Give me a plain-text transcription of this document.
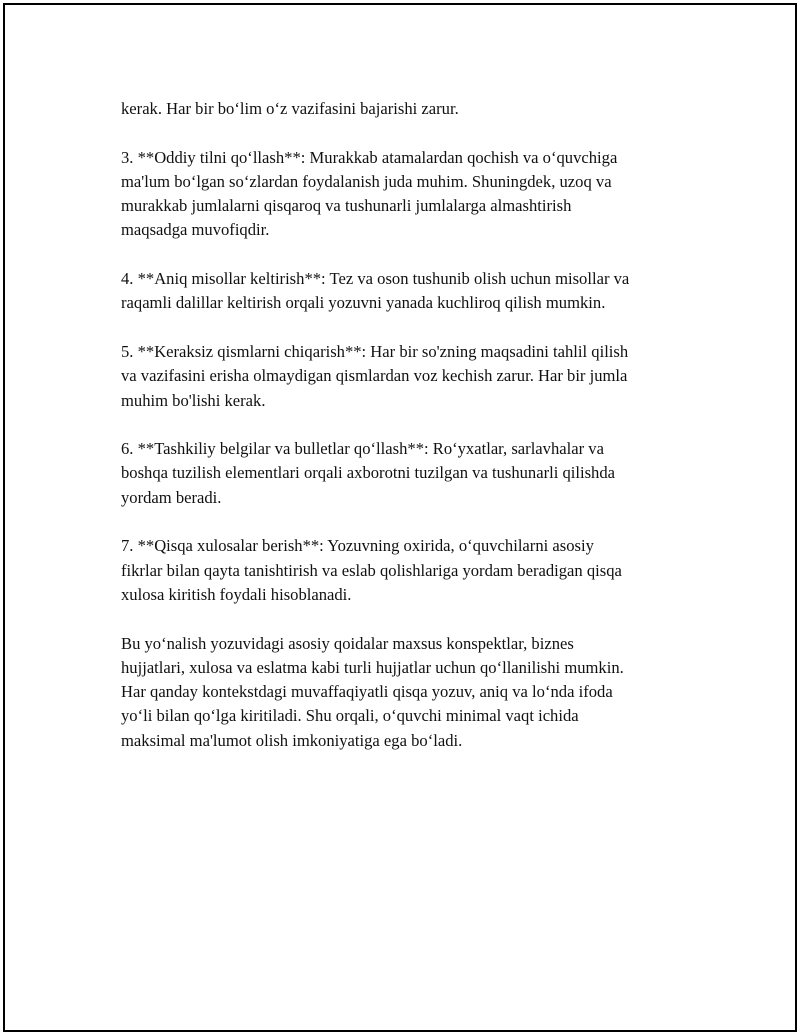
kerak. Har bir boʻlim oʻz vazifasini bajarishi zarur.

3. **Oddiy tilni qoʻllash**: Murakkab atamalardan qochish va oʻquvchiga
ma'lum boʻlgan soʻzlardan foydalanish juda muhim. Shuningdek, uzoq va
murakkab jumlalarni qisqaroq va tushunarli jumlalarga almashtirish
maqsadga muvofiqdir.

4. **Aniq misollar keltirish**: Tez va oson tushunib olish uchun misollar va
raqamli dalillar keltirish orqali yozuvni yanada kuchliroq qilish mumkin.

5. **Keraksiz qismlarni chiqarish**: Har bir so'zning maqsadini tahlil qilish
va vazifasini erisha olmaydigan qismlardan voz kechish zarur. Har bir jumla
muhim bo'lishi kerak.

6. **Tashkiliy belgilar va bulletlar qoʻllash**: Roʻyxatlar, sarlavhalar va
boshqa tuzilish elementlari orqali axborotni tuzilgan va tushunarli qilishda
yordam beradi.

7. **Qisqa xulosalar berish**: Yozuvning oxirida, oʻquvchilarni asosiy
fikrlar bilan qayta tanishtirish va eslab qolishlariga yordam beradigan qisqa
xulosa kiritish foydali hisoblanadi.

Bu yoʻnalish yozuvidagi asosiy qoidalar maxsus konspektlar, biznes
hujjatlari, xulosa va eslatma kabi turli hujjatlar uchun qoʻllanilishi mumkin.
Har qanday kontekstdagi muvaffaqiyatli qisqa yozuv, aniq va loʻnda ifoda
yoʻli bilan qoʻlga kiritiladi. Shu orqali, oʻquvchi minimal vaqt ichida
maksimal ma'lumot olish imkoniyatiga ega boʻladi.
